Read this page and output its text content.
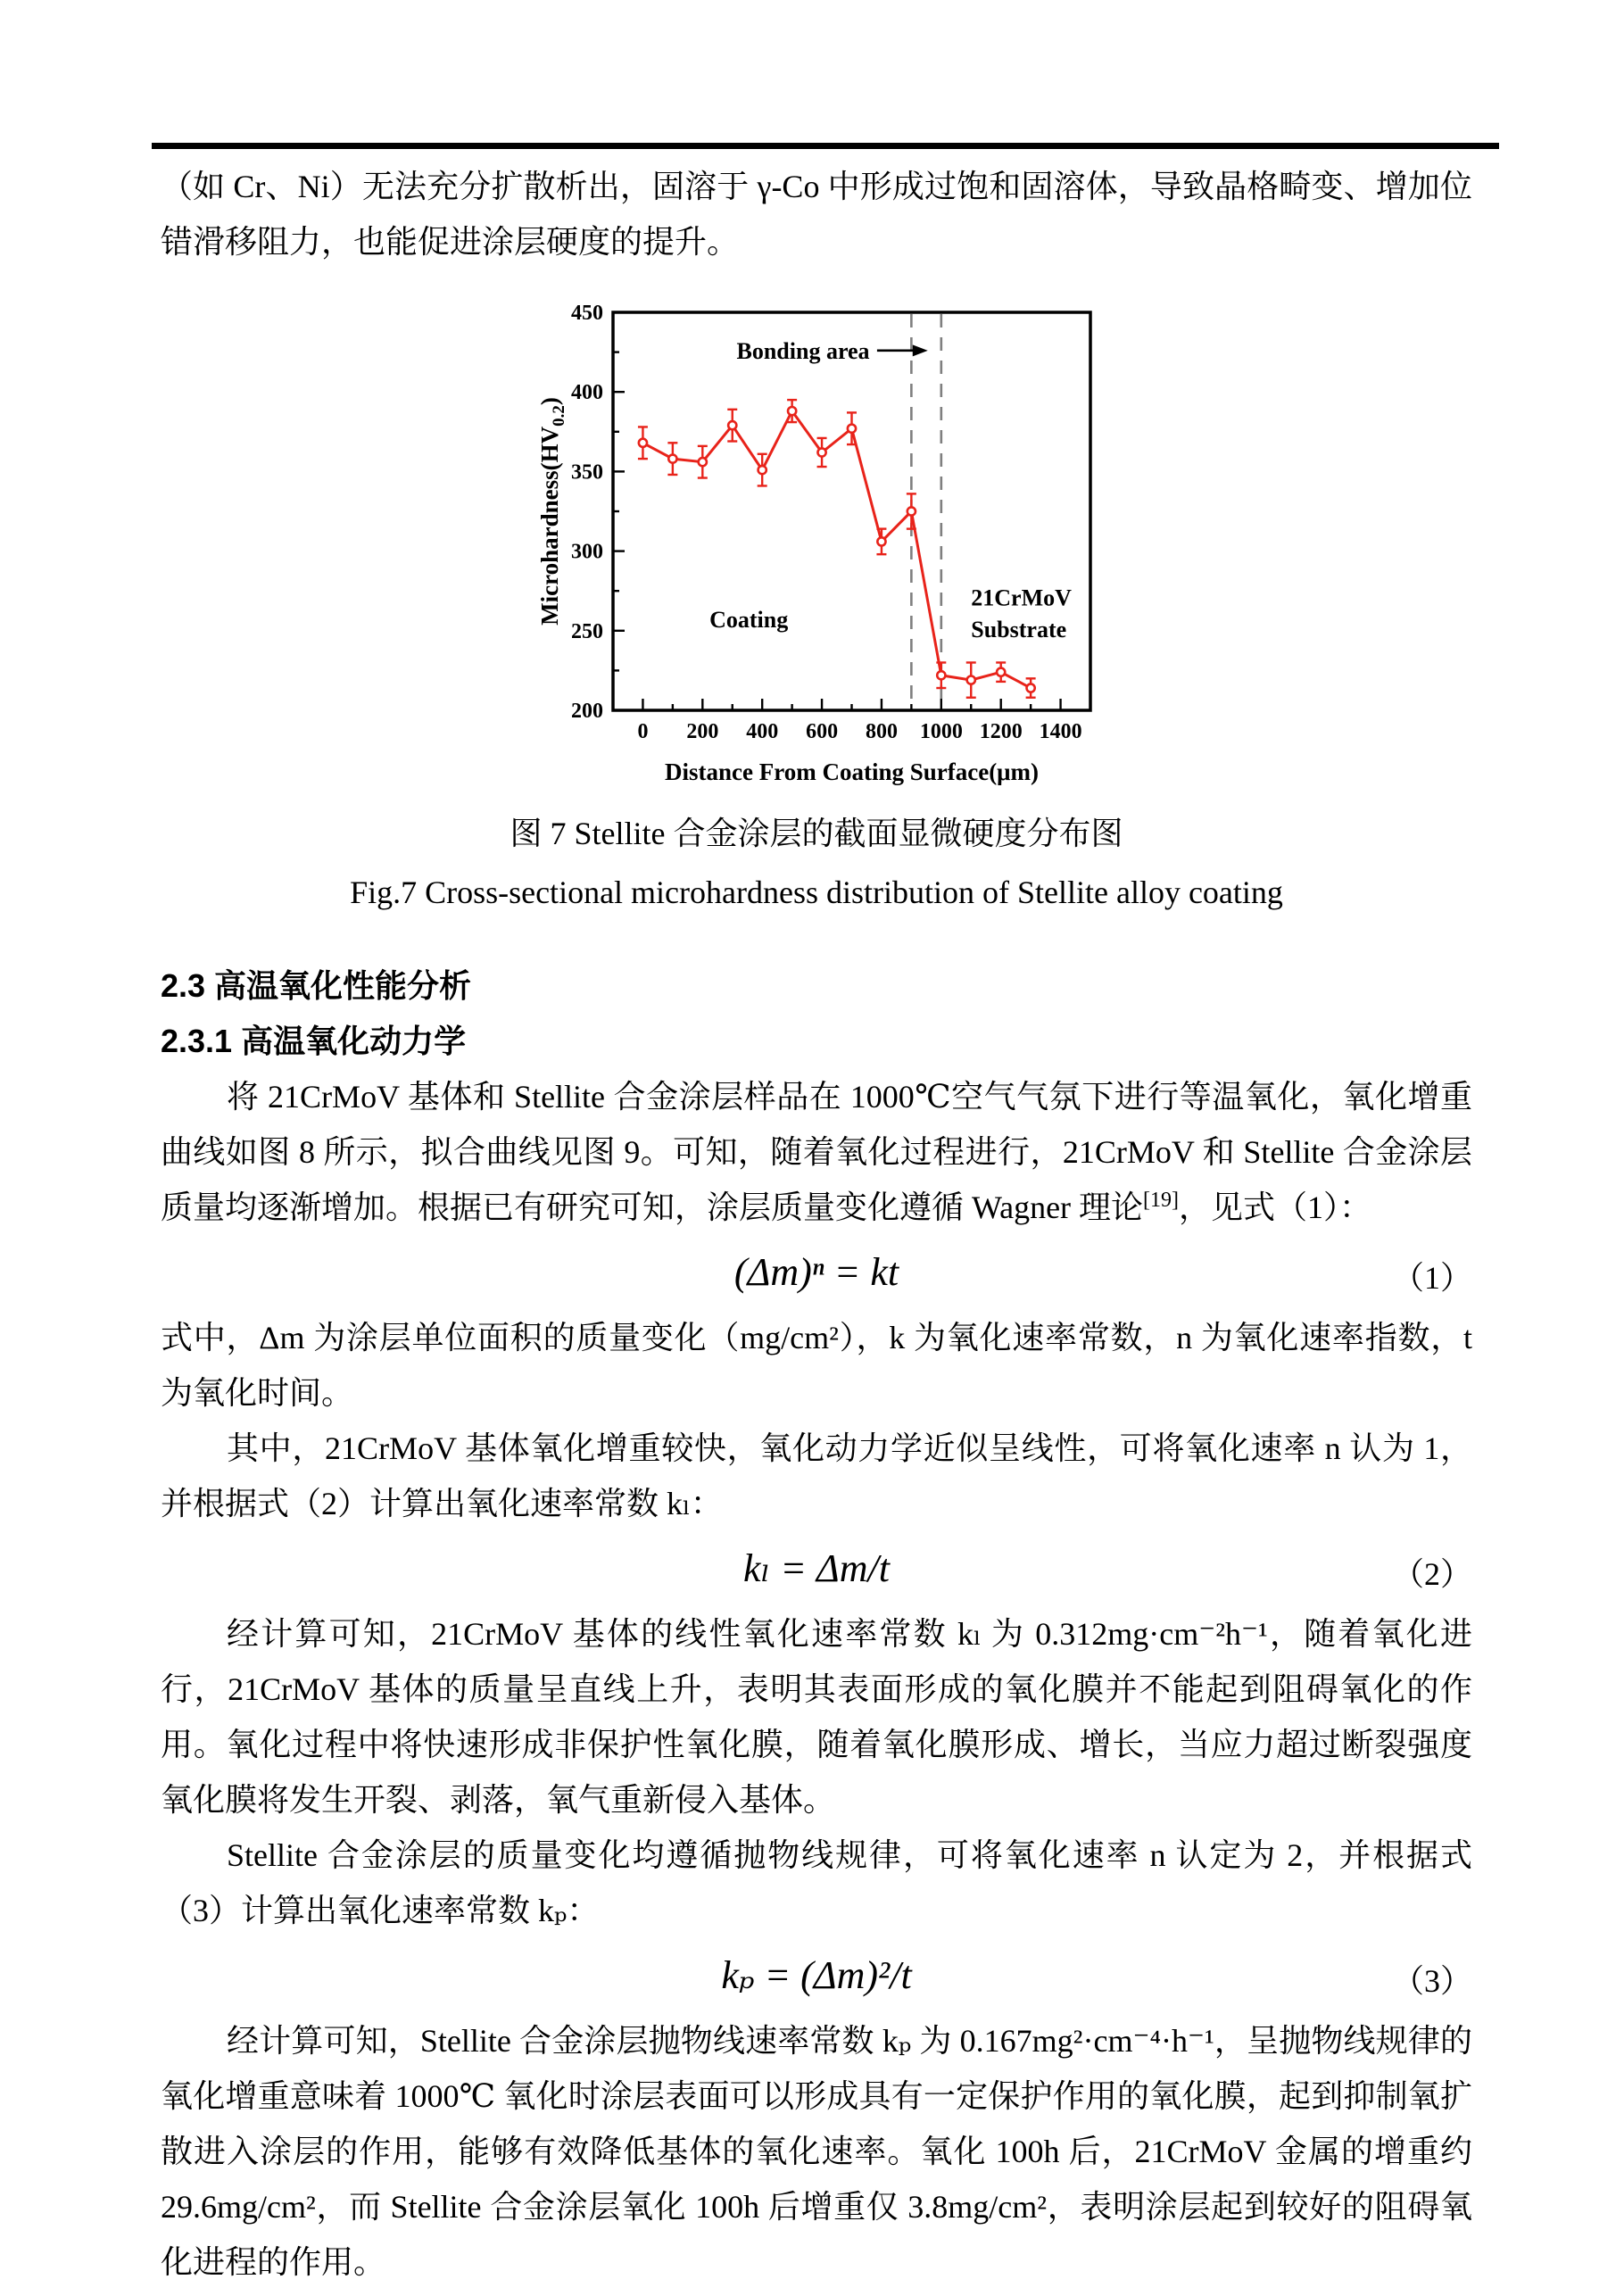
（如 Cr、Ni）无法充分扩散析出，固溶于 γ-Co 中形成过饱和固溶体，导致晶格畸变、增加位错滑移阻力，也能促进涂层硬度的提升。

0 200 400 600 800 1000 1200 1400
200
250
300
350
400
450
Bonding area
Coating
21CrMoV
Substrate
Distance From Coating Surface(μm)
$Microhardness(HV_{0.2})$
图 7 Stellite 合金涂层的截面显微硬度分布图
Fig.7 Cross-sectional microhardness distribution of Stellite alloy coating
2.3 高温氧化性能分析
2.3.1 高温氧化动力学

将 21CrMoV 基体和 Stellite 合金涂层样品在 1000℃空气气氛下进行等温氧化，氧化增重曲线如图 8 所示，拟合曲线见图 9。可知，随着氧化过程进行，21CrMoV 和 Stellite 合金涂层质量均逐渐增加。根据已有研究可知，涂层质量变化遵循 Wagner 理论[19]，见式（1）：

(Δm)ⁿ = kt	（1）

式中，Δm 为涂层单位面积的质量变化（mg/cm²），k 为氧化速率常数，n 为氧化速率指数，t 为氧化时间。

其中，21CrMoV 基体氧化增重较快，氧化动力学近似呈线性，可将氧化速率 n 认为 1，并根据式（2）计算出氧化速率常数 kₗ：

kₗ = Δm/t	（2）

经计算可知，21CrMoV 基体的线性氧化速率常数 kₗ 为 0.312mg·cm⁻²h⁻¹，随着氧化进行，21CrMoV 基体的质量呈直线上升，表明其表面形成的氧化膜并不能起到阻碍氧化的作用。氧化过程中将快速形成非保护性氧化膜，随着氧化膜形成、增长，当应力超过断裂强度氧化膜将发生开裂、剥落，氧气重新侵入基体。

Stellite 合金涂层的质量变化均遵循抛物线规律，可将氧化速率 n 认定为 2，并根据式（3）计算出氧化速率常数 kₚ：

kₚ = (Δm)²/t	（3）

经计算可知，Stellite 合金涂层抛物线速率常数 kₚ 为 0.167mg²·cm⁻⁴·h⁻¹，呈抛物线规律的氧化增重意味着 1000℃ 氧化时涂层表面可以形成具有一定保护作用的氧化膜，起到抑制氧扩散进入涂层的作用，能够有效降低基体的氧化速率。氧化 100h 后，21CrMoV 金属的增重约 29.6mg/cm²，而 Stellite 合金涂层氧化 100h 后增重仅 3.8mg/cm²，表明涂层起到较好的阻碍氧化进程的作用。
